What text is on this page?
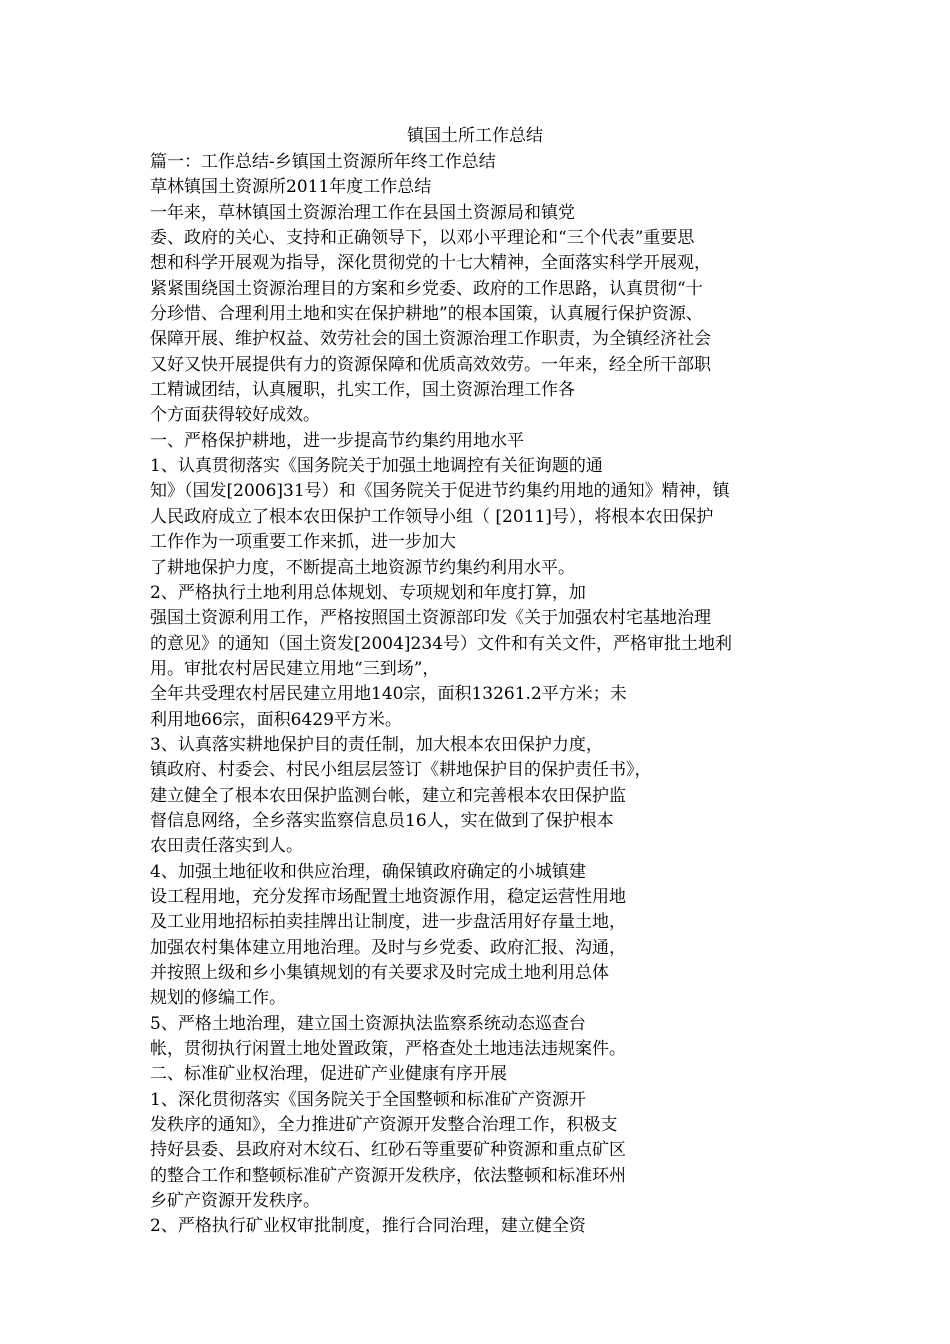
镇国土所工作总结

篇一：工作总结-乡镇国土资源所年终工作总结

草林镇国土资源所2011年度工作总结

一年来，草林镇国土资源治理工作在县国土资源局和镇党

委、政府的关心、支持和正确领导下，以邓小平理论和“三个代表”重要思

想和科学开展观为指导，深化贯彻党的十七大精神，全面落实科学开展观，

紧紧围绕国土资源治理目的方案和乡党委、政府的工作思路，认真贯彻“十

分珍惜、合理利用土地和实在保护耕地”的根本国策，认真履行保护资源、

保障开展、维护权益、效劳社会的国土资源治理工作职责，为全镇经济社会

又好又快开展提供有力的资源保障和优质高效效劳。一年来，经全所干部职

工精诚团结，认真履职，扎实工作，国土资源治理工作各

个方面获得较好成效。

一、严格保护耕地，进一步提高节约集约用地水平

1、认真贯彻落实《国务院关于加强土地调控有关征询题的通

知》（国发[2006]31号）和《国务院关于促进节约集约用地的通知》精神，镇

人民政府成立了根本农田保护工作领导小组（ [2011]号），将根本农田保护

工作作为一项重要工作来抓，进一步加大

了耕地保护力度，不断提高土地资源节约集约利用水平。

2、严格执行土地利用总体规划、专项规划和年度打算，加

强国土资源利用工作，严格按照国土资源部印发《关于加强农村宅基地治理

的意见》的通知（国土资发[2004]234号）文件和有关文件，严格审批土地利

用。审批农村居民建立用地“三到场”，

全年共受理农村居民建立用地140宗，面积13261.2平方米；未

利用地66宗，面积6429平方米。

3、认真落实耕地保护目的责任制，加大根本农田保护力度，

镇政府、村委会、村民小组层层签订《耕地保护目的保护责任书》，

建立健全了根本农田保护监测台帐，建立和完善根本农田保护监

督信息网络，全乡落实监察信息员16人，实在做到了保护根本

农田责任落实到人。

4、加强土地征收和供应治理，确保镇政府确定的小城镇建

设工程用地，充分发挥市场配置土地资源作用，稳定运营性用地

及工业用地招标拍卖挂牌出让制度，进一步盘活用好存量土地，

加强农村集体建立用地治理。及时与乡党委、政府汇报、沟通，

并按照上级和乡小集镇规划的有关要求及时完成土地利用总体

规划的修编工作。

5、严格土地治理，建立国土资源执法监察系统动态巡查台

帐，贯彻执行闲置土地处置政策，严格查处土地违法违规案件。

二、标准矿业权治理，促进矿产业健康有序开展

1、深化贯彻落实《国务院关于全国整顿和标准矿产资源开

发秩序的通知》，全力推进矿产资源开发整合治理工作，积极支

持好县委、县政府对木纹石、红砂石等重要矿种资源和重点矿区

的整合工作和整顿标准矿产资源开发秩序，依法整顿和标准环州

乡矿产资源开发秩序。

2、严格执行矿业权审批制度，推行合同治理，建立健全资
